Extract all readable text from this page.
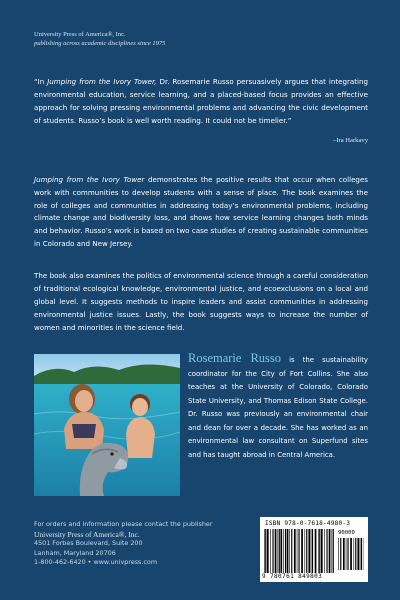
University Press of America®, Inc.
publishing across academic disciplines since 1975
“In Jumping from the Ivory Tower, Dr. Rosemarie Russo persuasively argues that integrating environmental education, service learning, and a placed-based focus provides an effective approach for solving pressing environmental problems and advancing the civic development of students. Russo’s book is well worth reading. It could not be timelier.”
–Ira Harkavy
Jumping from the Ivory Tower demonstrates the positive results that occur when colleges work with communities to develop students with a sense of place. The book examines the role of colleges and communities in addressing today’s environmental problems, including climate change and biodiversity loss, and shows how service learning changes both minds and behavior. Russo’s work is based on two case studies of creating sustainable communities in Colorado and New Jersey.
The book also examines the politics of environmental science through a careful consideration of traditional ecological knowledge, environmental justice, and ecoexclusions on a local and global level. It suggests methods to inspire leaders and assist communities in addressing environmental justice issues. Lastly, the book suggests ways to increase the number of women and minorities in the science field.
Rosemarie Russo is the sustainability coordinator for the City of Fort Collins. She also teaches at the University of Colorado, Colorado State University, and Thomas Edison State College. Dr. Russo was previously an environmental chair and dean for over a decade. She has worked as an environmental law consultant on Superfund sites and has taught abroad in Central America.
For orders and information please contact the publisher
University Press of America®, Inc.
4501 Forbes Boulevard, Suite 200
Lanham, Maryland 20706
1-800-462-6420 • www.univpress.com
ISBN 978-0-7618-4980-3
90000
9 780761 849803
